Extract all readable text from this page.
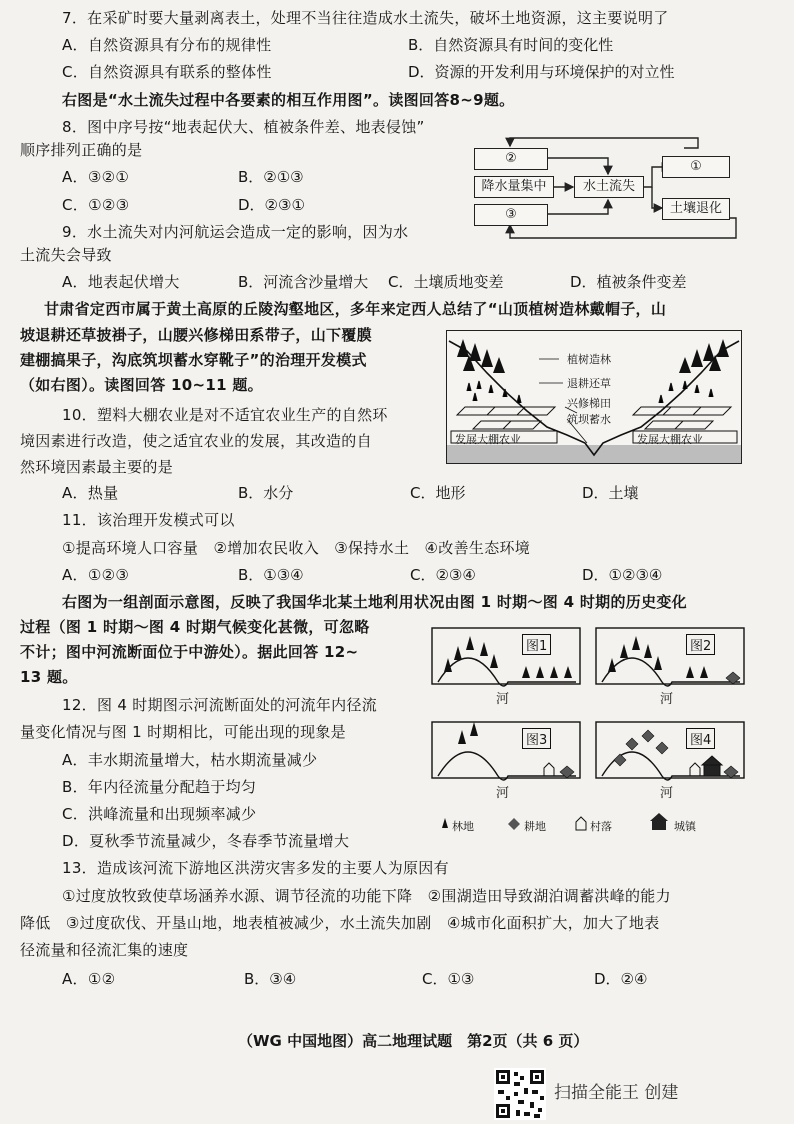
7．在采矿时要大量剥离表土，处理不当往往造成水土流失，破坏土地资源，这主要说明了
A．自然资源具有分布的规律性	B．自然资源具有时间的变化性
C．自然资源具有联系的整体性	D．资源的开发利用与环境保护的对立性
右图是“水土流失过程中各要素的相互作用图”。读图回答8~9题。
8．图中序号按“地表起伏大、植被条件差、地表侵蚀”
顺序排列正确的是
A．③②①	B．②①③
C．①②③	D．②③①
②
①
降水量集中	水土流失
③	土壤退化
9．水土流失对内河航运会造成一定的影响，因为水
土流失会导致
A．地表起伏增大	B．河流含沙量增大 C．土壤质地变差	D．植被条件变差
甘肃省定西市属于黄土高原的丘陵沟壑地区，多年来定西人总结了“山顶植树造林戴帽子，山
坡退耕还草披褂子，山腰兴修梯田系带子，山下覆膜
建棚搞果子，沟底筑坝蓄水穿靴子”的治理开发模式
（如右图）。读图回答 10~11 题。
10．塑料大棚农业是对不适宜农业生产的自然环
境因素进行改造，使之适宜农业的发展，其改造的自
然环境因素最主要的是
A．热量	B．水分	C．地形	D．土壤
植树造林
退耕还草
兴修梯田
筑坝蓄水
发展大棚农业	发展大棚农业
11．该治理开发模式可以
①提高环境人口容量　②增加农民收入　③保持水土　④改善生态环境
A．①②③	B．①③④	C．②③④	D．①②③④
右图为一组剖面示意图，反映了我国华北某土地利用状况由图 1 时期～图 4 时期的历史变化
过程（图 1 时期～图 4 时期气候变化甚微，可忽略
不计；图中河流断面位于中游处）。据此回答 12~
13 题。
图1	图2
图3	图4
河	河
河	河
林地	耕地	村落	城镇
12．图 4 时期图示河流断面处的河流年内径流
量变化情况与图 1 时期相比，可能出现的现象是
A．丰水期流量增大，枯水期流量减少
B．年内径流量分配趋于均匀
C．洪峰流量和出现频率减少
D．夏秋季节流量减少，冬春季节流量增大
13．造成该河流下游地区洪涝灾害多发的主要人为原因有
①过度放牧致使草场涵养水源、调节径流的功能下降　②围湖造田导致湖泊调蓄洪峰的能力
降低　③过度砍伐、开垦山地，地表植被减少，水土流失加剧　④城市化面积扩大，加大了地表
径流量和径流汇集的速度
A．①②	B．③④	C．①③	D．②④
（WG 中国地图）高二地理试题　第2页（共 6 页）
扫描全能王 创建
